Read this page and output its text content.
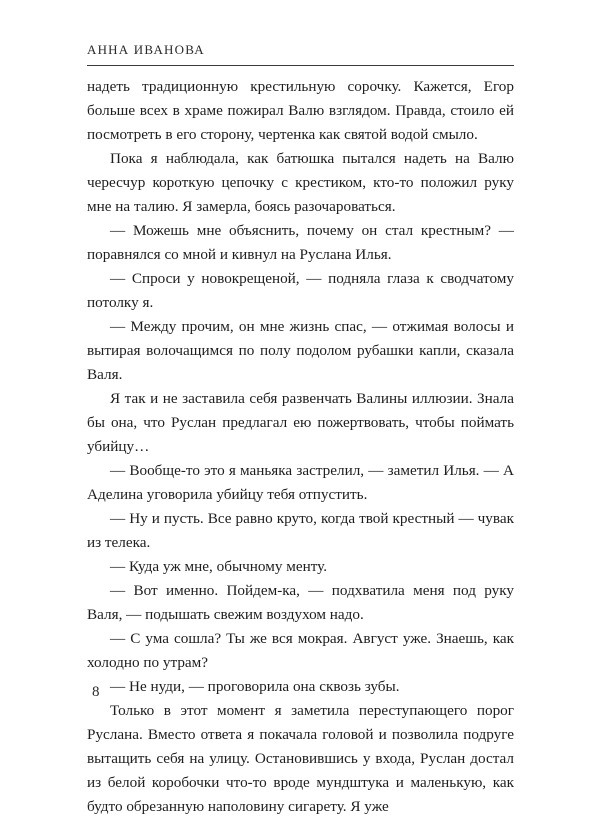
АННА ИВАНОВА

надеть традиционную крестильную сорочку. Кажется, Егор больше всех в храме пожирал Валю взглядом. Правда, стоило ей посмотреть в его сторону, чертенка как святой водой смыло.

Пока я наблюдала, как батюшка пытался надеть на Валю чересчур короткую цепочку с крестиком, кто-то положил руку мне на талию. Я замерла, боясь разочароваться.

— Можешь мне объяснить, почему он стал крестным? — поравнялся со мной и кивнул на Руслана Илья.

— Спроси у новокрещеной, — подняла глаза к сводчатому потолку я.

— Между прочим, он мне жизнь спас, — отжимая волосы и вытирая волочащимся по полу подолом рубашки капли, сказала Валя.

Я так и не заставила себя развенчать Валины иллюзии. Знала бы она, что Руслан предлагал ею пожертвовать, чтобы поймать убийцу…

— Вообще-то это я маньяка застрелил, — заметил Илья. — А Аделина уговорила убийцу тебя отпустить.

— Ну и пусть. Все равно круто, когда твой крестный — чувак из телека.

— Куда уж мне, обычному менту.

— Вот именно. Пойдем-ка, — подхватила меня под руку Валя, — подышать свежим воздухом надо.

— С ума сошла? Ты же вся мокрая. Август уже. Знаешь, как холодно по утрам?

— Не нуди, — проговорила она сквозь зубы.

Только в этот момент я заметила переступающего порог Руслана. Вместо ответа я покачала головой и позволила подруге вытащить себя на улицу. Остановившись у входа, Руслан достал из белой коробочки что-то вроде мундштука и маленькую, как будто обрезанную наполовину сигарету. Я уже

8
